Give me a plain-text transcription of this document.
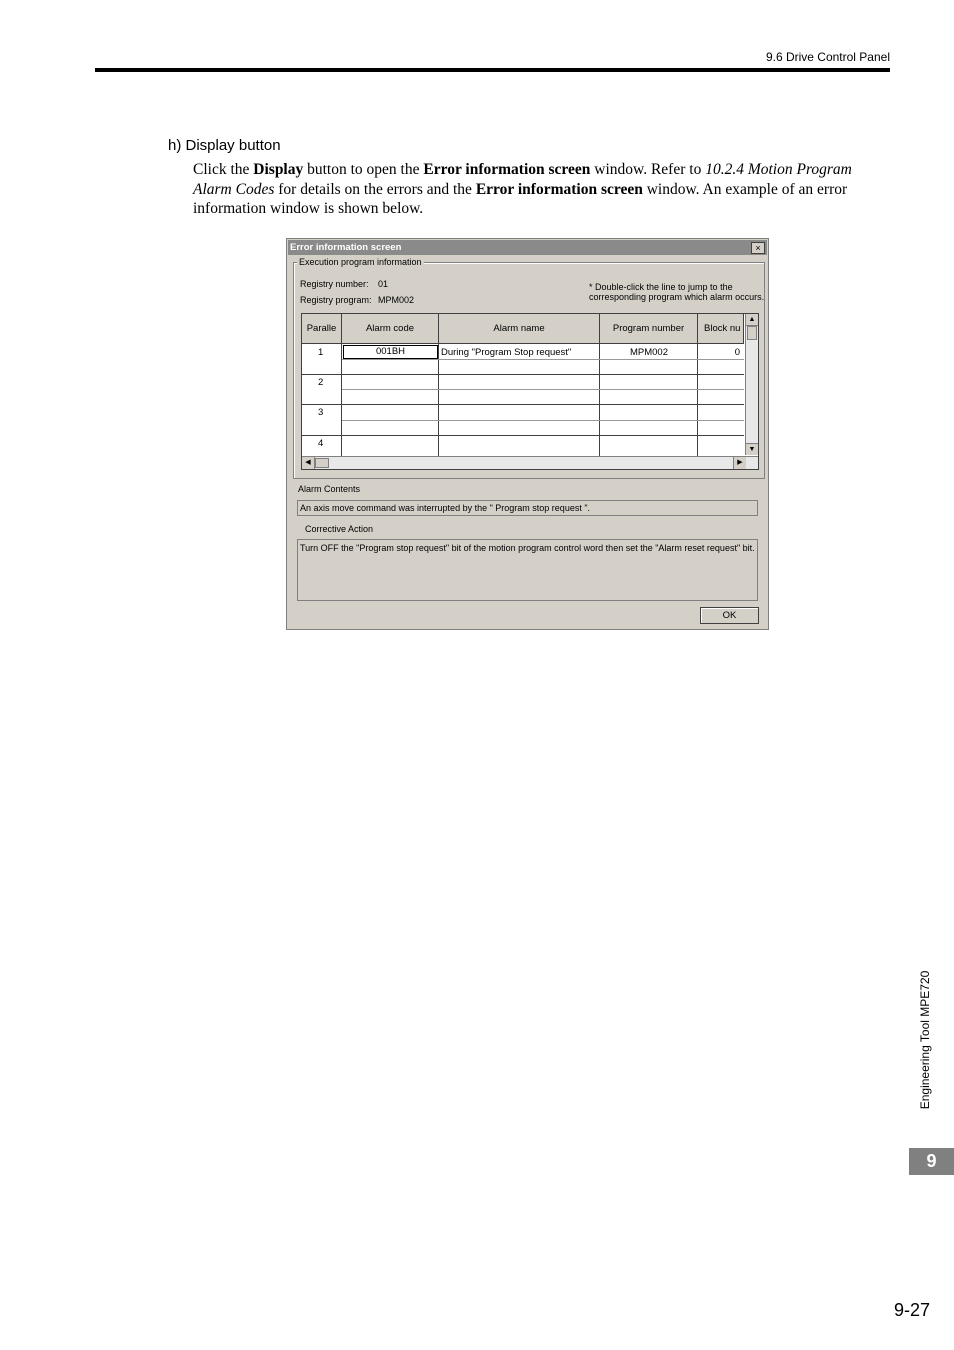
9.6 Drive Control Panel
h) Display button
Click the Display button to open the Error information screen window. Refer to 10.2.4 Motion Program Alarm Codes for details on the errors and the Error information screen window. An example of an error information window is shown below.
Error information screen	×
Execution program information
Registry number: 01
Registry program: MPM002
* Double-click the line to jump to the corresponding program which alarm occurs.
Paralle	Alarm code	Alarm name	Program number	Block nu
1	001BH	During "Program Stop request"	MPM002	0
2
3
4
▲
▼
◀	▶
Alarm Contents
An axis move command was interrupted by the " Program stop request ".
Corrective Action
Turn OFF the "Program stop request" bit of the motion program control word then set the "Alarm reset request" bit.
OK
Engineering Tool MPE720
9
9-27
